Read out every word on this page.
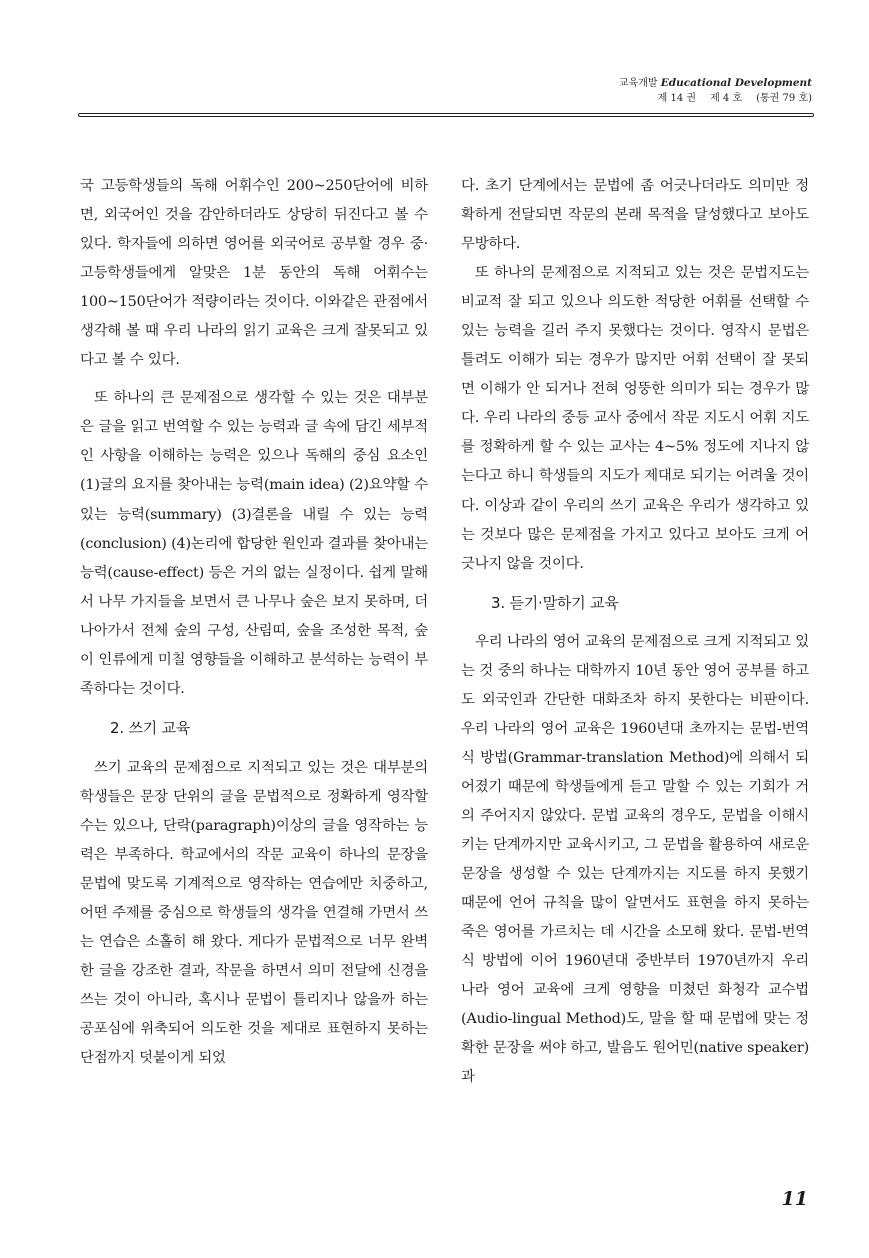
교육개발 Educational Development
제 14 권 제 4 호 (통권 79 호)

국 고등학생들의 독해 어휘수인 200~250단어에 비하면, 외국어인 것을 감안하더라도 상당히 뒤진다고 볼 수 있다. 학자들에 의하면 영어를 외국어로 공부할 경우 중·고등학생들에게 알맞은 1분 동안의 독해 어휘수는 100~150단어가 적량이라는 것이다. 이와같은 관점에서 생각해 볼 때 우리 나라의 읽기 교육은 크게 잘못되고 있다고 볼 수 있다.

또 하나의 큰 문제점으로 생각할 수 있는 것은 대부분은 글을 읽고 번역할 수 있는 능력과 글 속에 담긴 세부적인 사항을 이해하는 능력은 있으나 독해의 중심 요소인 (1)글의 요지를 찾아내는 능력(main idea) (2)요약할 수 있는 능력(summary) (3)결론을 내릴 수 있는 능력(conclusion) (4)논리에 합당한 원인과 결과를 찾아내는 능력(cause-effect) 등은 거의 없는 실정이다. 쉽게 말해서 나무 가지들을 보면서 큰 나무나 숲은 보지 못하며, 더 나아가서 전체 숲의 구성, 산림띠, 숲을 조성한 목적, 숲이 인류에게 미칠 영향들을 이해하고 분석하는 능력이 부족하다는 것이다.

2. 쓰기 교육

쓰기 교육의 문제점으로 지적되고 있는 것은 대부분의 학생들은 문장 단위의 글을 문법적으로 정확하게 영작할 수는 있으나, 단락(paragraph)이상의 글을 영작하는 능력은 부족하다. 학교에서의 작문 교육이 하나의 문장을 문법에 맞도록 기계적으로 영작하는 연습에만 치중하고, 어떤 주제를 중심으로 학생들의 생각을 연결해 가면서 쓰는 연습은 소홀히 해 왔다. 게다가 문법적으로 너무 완벽한 글을 강조한 결과, 작문을 하면서 의미 전달에 신경을 쓰는 것이 아니라, 혹시나 문법이 틀리지나 않을까 하는 공포심에 위축되어 의도한 것을 제대로 표현하지 못하는 단점까지 덧붙이게 되었

다. 초기 단계에서는 문법에 좀 어긋나더라도 의미만 정확하게 전달되면 작문의 본래 목적을 달성했다고 보아도 무방하다.

또 하나의 문제점으로 지적되고 있는 것은 문법지도는 비교적 잘 되고 있으나 의도한 적당한 어휘를 선택할 수 있는 능력을 길러 주지 못했다는 것이다. 영작시 문법은 틀려도 이해가 되는 경우가 많지만 어휘 선택이 잘 못되면 이해가 안 되거나 전혀 엉뚱한 의미가 되는 경우가 많다. 우리 나라의 중등 교사 중에서 작문 지도시 어휘 지도를 정확하게 할 수 있는 교사는 4~5% 정도에 지나지 않는다고 하니 학생들의 지도가 제대로 되기는 어려울 것이다. 이상과 같이 우리의 쓰기 교육은 우리가 생각하고 있는 것보다 많은 문제점을 가지고 있다고 보아도 크게 어긋나지 않을 것이다.

3. 듣기·말하기 교육

우리 나라의 영어 교육의 문제점으로 크게 지적되고 있는 것 중의 하나는 대학까지 10년 동안 영어 공부를 하고도 외국인과 간단한 대화조차 하지 못한다는 비판이다. 우리 나라의 영어 교육은 1960년대 초까지는 문법-번역식 방법(Grammar-translation Method)에 의해서 되어졌기 때문에 학생들에게 듣고 말할 수 있는 기회가 거의 주어지지 않았다. 문법 교육의 경우도, 문법을 이해시키는 단계까지만 교육시키고, 그 문법을 활용하여 새로운 문장을 생성할 수 있는 단계까지는 지도를 하지 못했기 때문에 언어 규칙을 많이 알면서도 표현을 하지 못하는 죽은 영어를 가르치는 데 시간을 소모해 왔다. 문법-번역식 방법에 이어 1960년대 중반부터 1970년까지 우리 나라 영어 교육에 크게 영향을 미쳤던 화청각 교수법(Audio-lingual Method)도, 말을 할 때 문법에 맞는 정확한 문장을 써야 하고, 발음도 원어민(native speaker)과

11
